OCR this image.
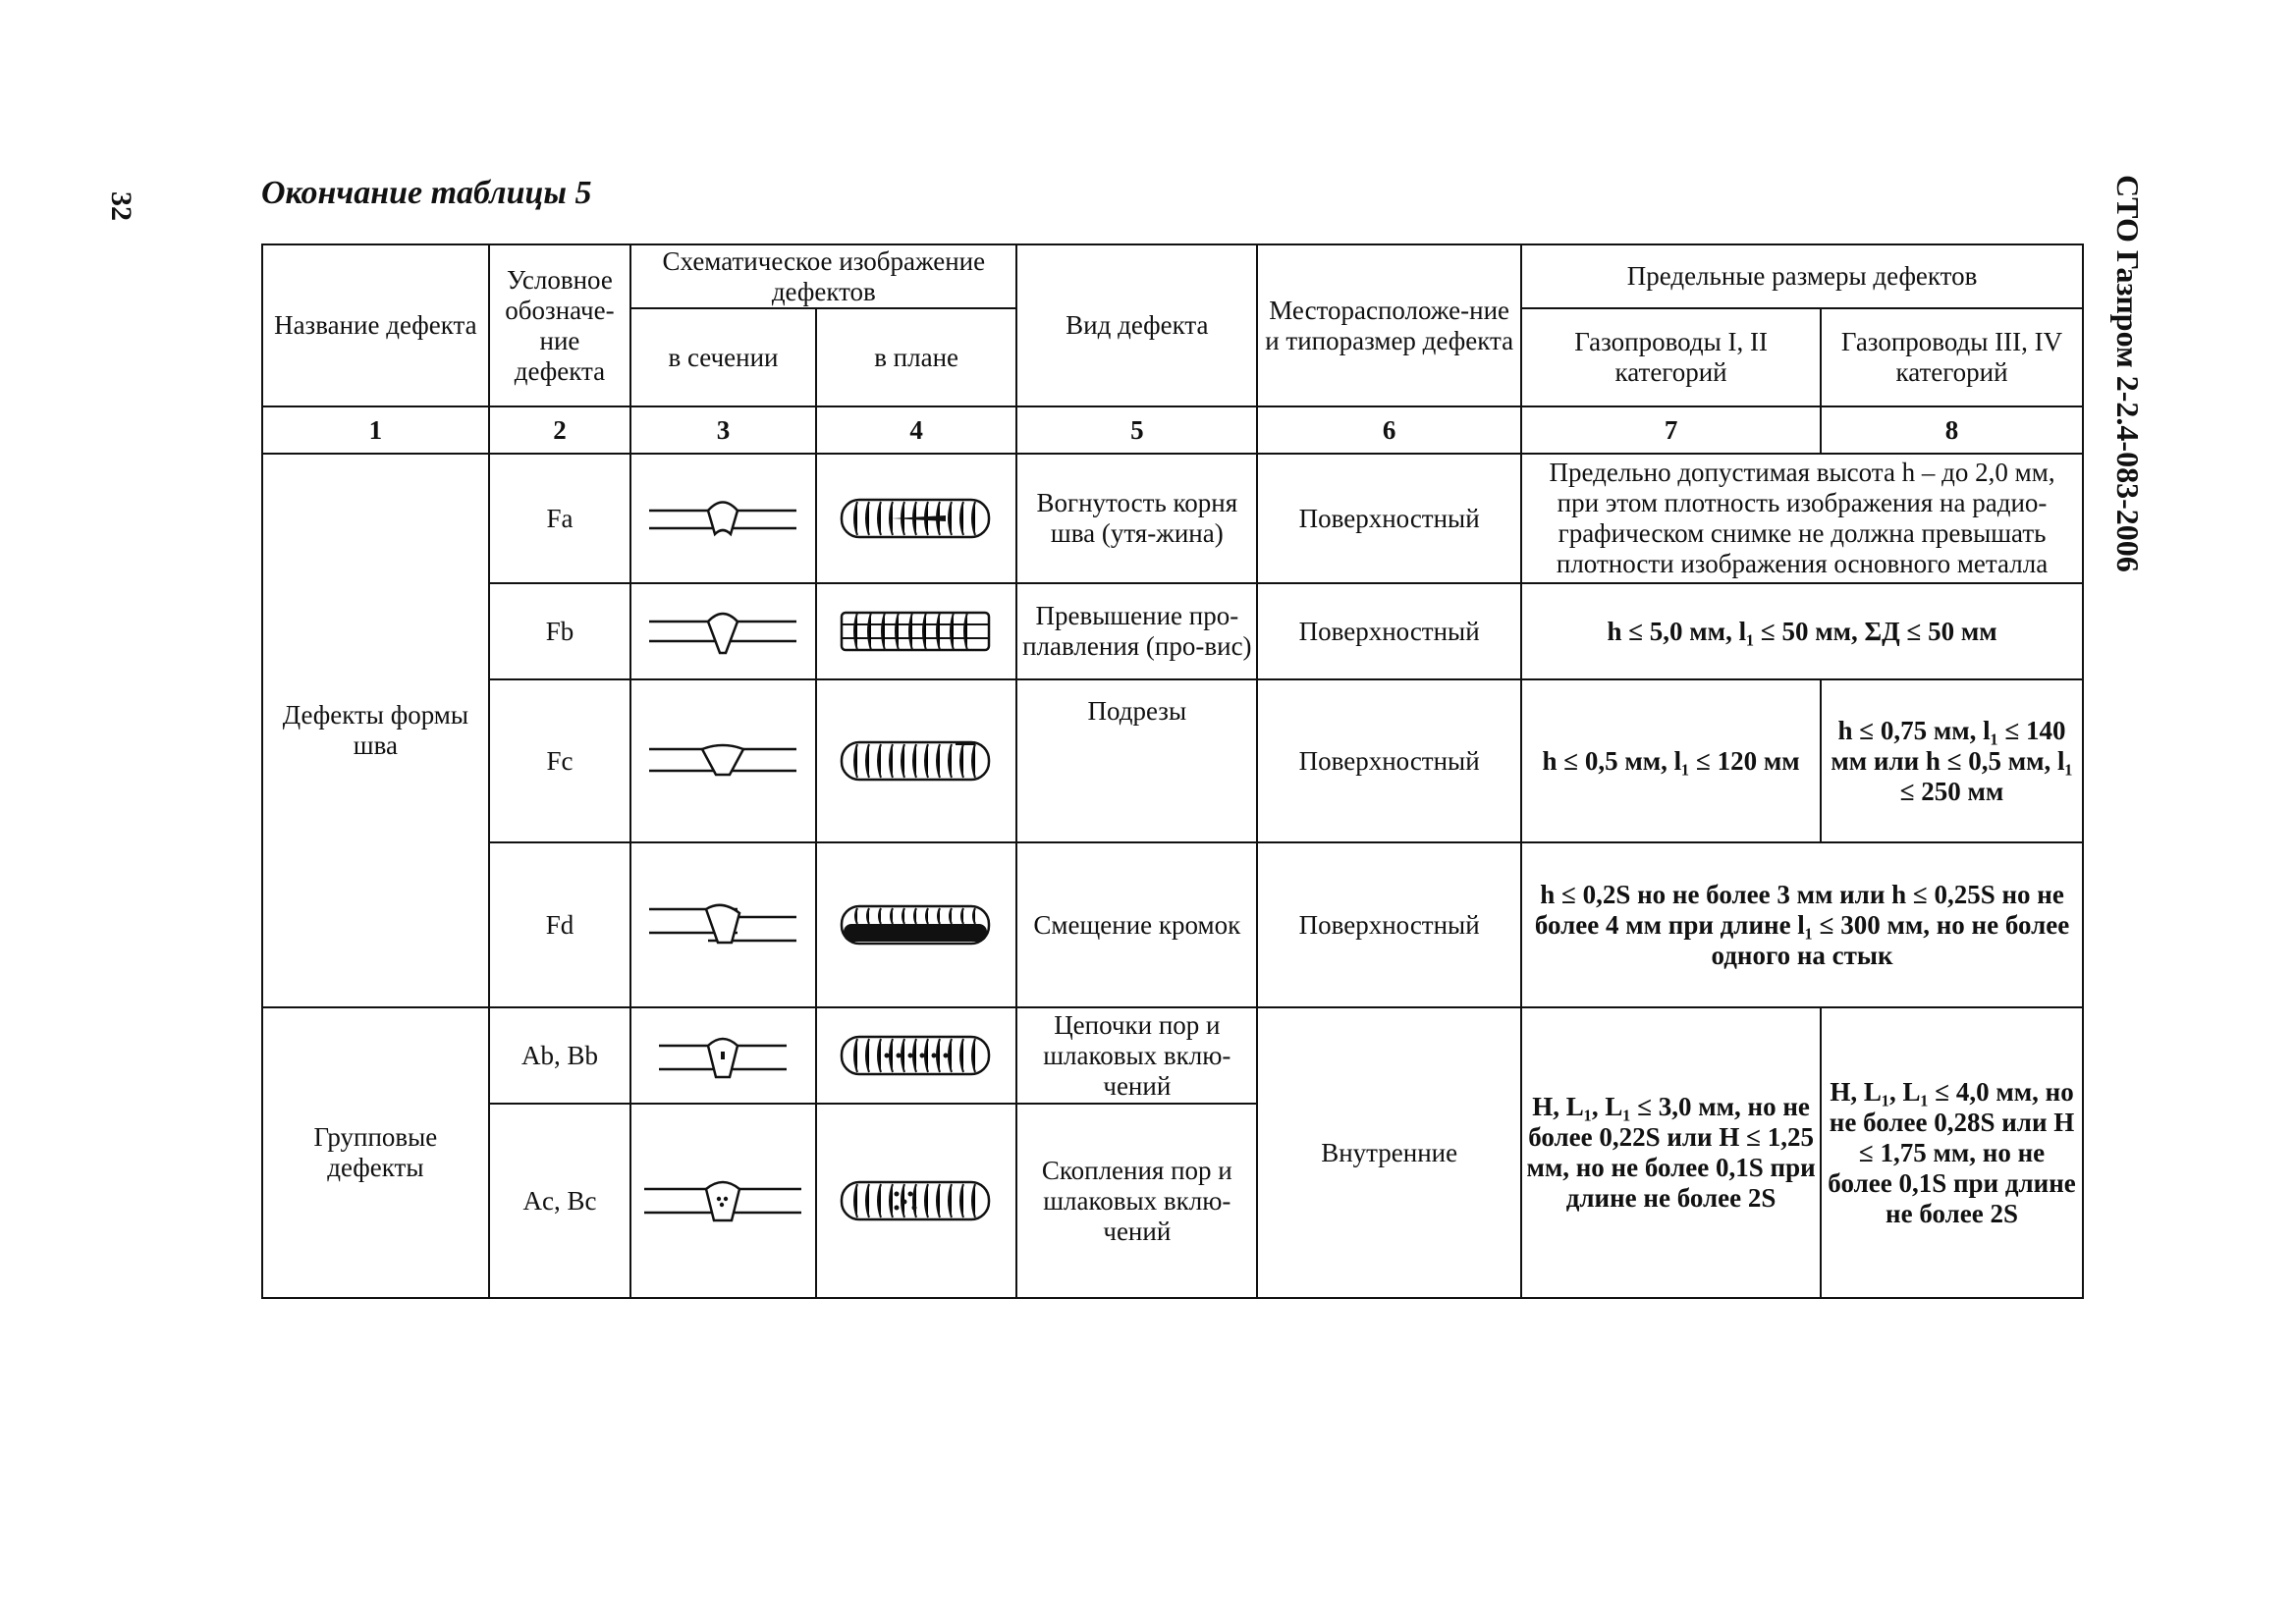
32	Окончание таблицы 5	СТО Газпром 2-2.4-083-2006
Название дефекта	Условное обозначе-ние дефекта	Схематическое изображение дефектов		Вид дефекта	Месторасположе-ние и типоразмер дефекта	Предельные размеры дефектов	
		в сечении	в плане			Газопроводы I, II категорий	Газопроводы III, IV категорий
1	2	3	4	5	6	7	8
Дефекты формы шва	Fa			Вогнутость корня шва (утя-жина)	Поверхностный	Предельно допустимая высота h – до 2,0 мм, при этом плотность изображения на радио-графическом снимке не должна превышать плотности изображения основного металла	
	Fb			Превышение про-плавления (про-вис)	Поверхностный	h ≤ 5,0 мм, l₁ ≤ 50 мм, ΣД ≤ 50 мм	
	Fc			Подрезы	Поверхностный	h ≤ 0,5 мм, l₁ ≤ 120 мм	h ≤ 0,75 мм, l₁ ≤ 140 мм или h ≤ 0,5 мм, l₁ ≤ 250 мм
	Fd			Смещение кромок	Поверхностный	h ≤ 0,2S но не более 3 мм или h ≤ 0,25S но не более 4 мм при длине l₁ ≤ 300 мм, но не более одного на стык	
Групповые дефекты	Ab, Bb			Цепочки пор и шлаковых вклю-чений	Внутренние	H, L₁, L₁ ≤ 3,0 мм, но не более 0,22S или H ≤ 1,25 мм, но не более 0,1S при длине не более 2S	H, L₁, L₁ ≤ 4,0 мм, но не более 0,28S или H ≤ 1,75 мм, но не более 0,1S при длине не более 2S
	Ac, Bc			Скопления пор и шлаковых вклю-чений			
